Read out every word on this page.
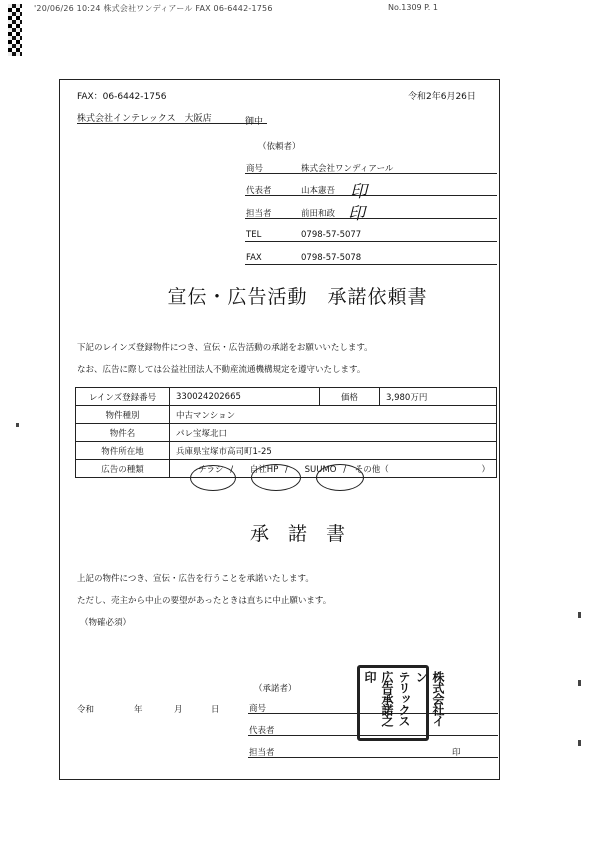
'20/06/26 10:24 株式会社ワンディアール FAX 06-6442-1756	No.1309 P. 1
FAX：06-6442-1756	令和2年6月26日
株式会社インテレックス　大阪店	御中
（依頼者）
商号	株式会社ワンディアール
代表者	山本憲吾 印
担当者	前田和政 印
TEL	0798-57-5077
FAX	0798-57-5078
宣伝・広告活動　承諾依頼書
下記のレインズ登録物件につき、宣伝・広告活動の承諾をお願いいたします。
なお、広告に際しては公益社団法人不動産流通機構規定を遵守いたします。
レインズ登録番号	330024202665	価格	3,980万円
物件種別	中古マンション		
物件名	パレ宝塚北口		
物件所在地	兵庫県宝塚市高司町1-25		
広告の種類	チラシ / 自社HP / SUUMO / その他（ ）		
承　諾　書
上記の物件につき、宣伝・広告を行うことを承諾いたします。
ただし、売主から中止の要望があったときは直ちに中止願います。
（物確必須）
（承諾者）
令和	年	月	日	商号
代表者
担当者	印
株式会社イン
テリックス
広告承諾之印
